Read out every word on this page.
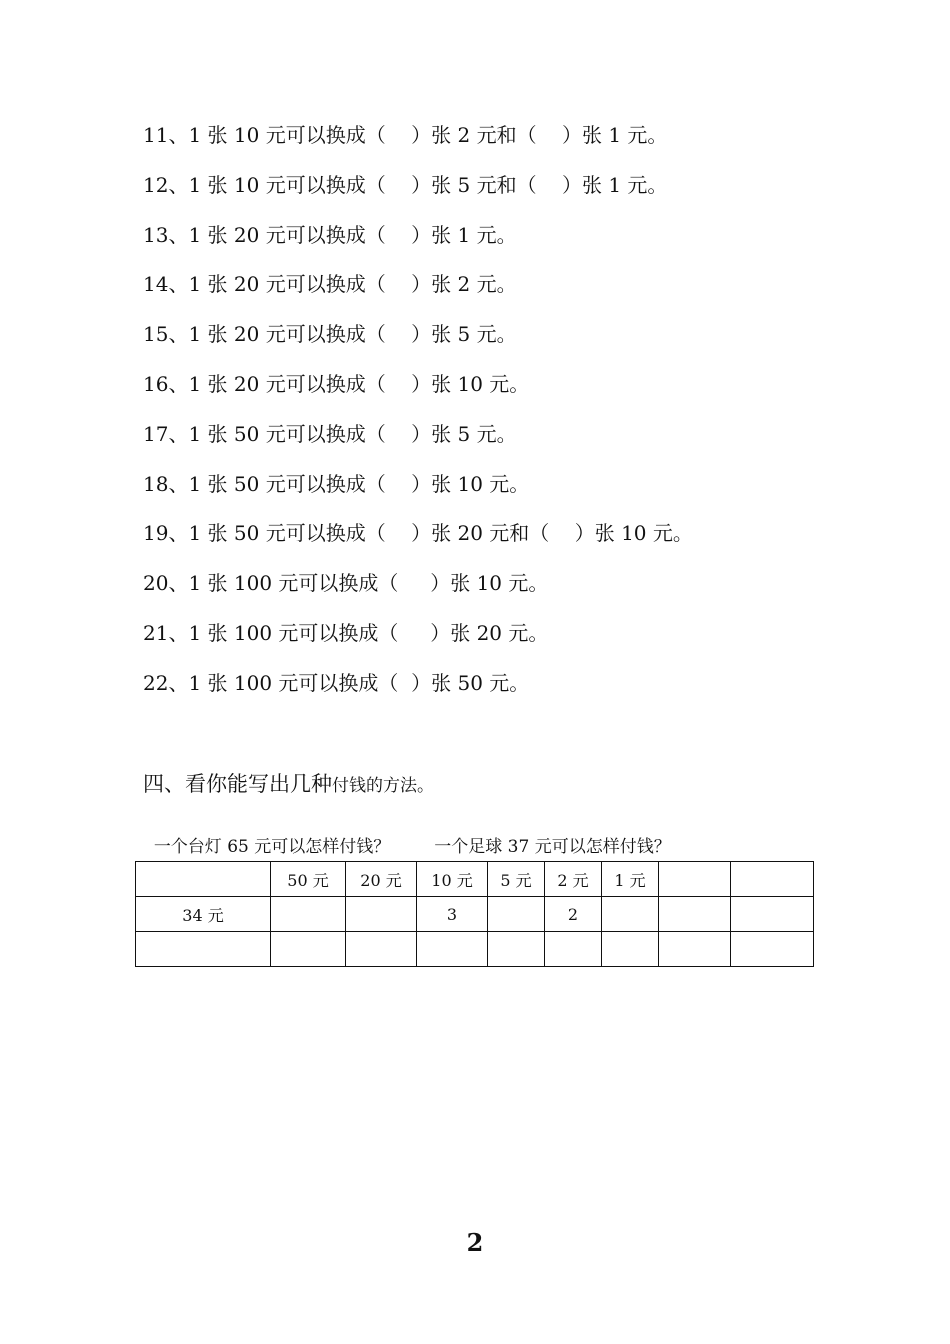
11、1 张 10 元可以换成（    ）张 2 元和（    ）张 1 元。
12、1 张 10 元可以换成（    ）张 5 元和（    ）张 1 元。
13、1 张 20 元可以换成（    ）张 1 元。
14、1 张 20 元可以换成（    ）张 2 元。
15、1 张 20 元可以换成（    ）张 5 元。
16、1 张 20 元可以换成（    ）张 10 元。
17、1 张 50 元可以换成（    ）张 5 元。
18、1 张 50 元可以换成（    ）张 10 元。
19、1 张 50 元可以换成（    ）张 20 元和（    ）张 10 元。
20、1 张 100 元可以换成（     ）张 10 元。
21、1 张 100 元可以换成（     ）张 20 元。
22、1 张 100 元可以换成（  ）张 50 元。
四、看你能写出几种付钱的方法。

一个台灯 65 元可以怎样付钱？	一个足球 37 元可以怎样付钱？

	50 元	20 元	10 元	5 元	2 元	1 元		
34 元			3		2			

2
